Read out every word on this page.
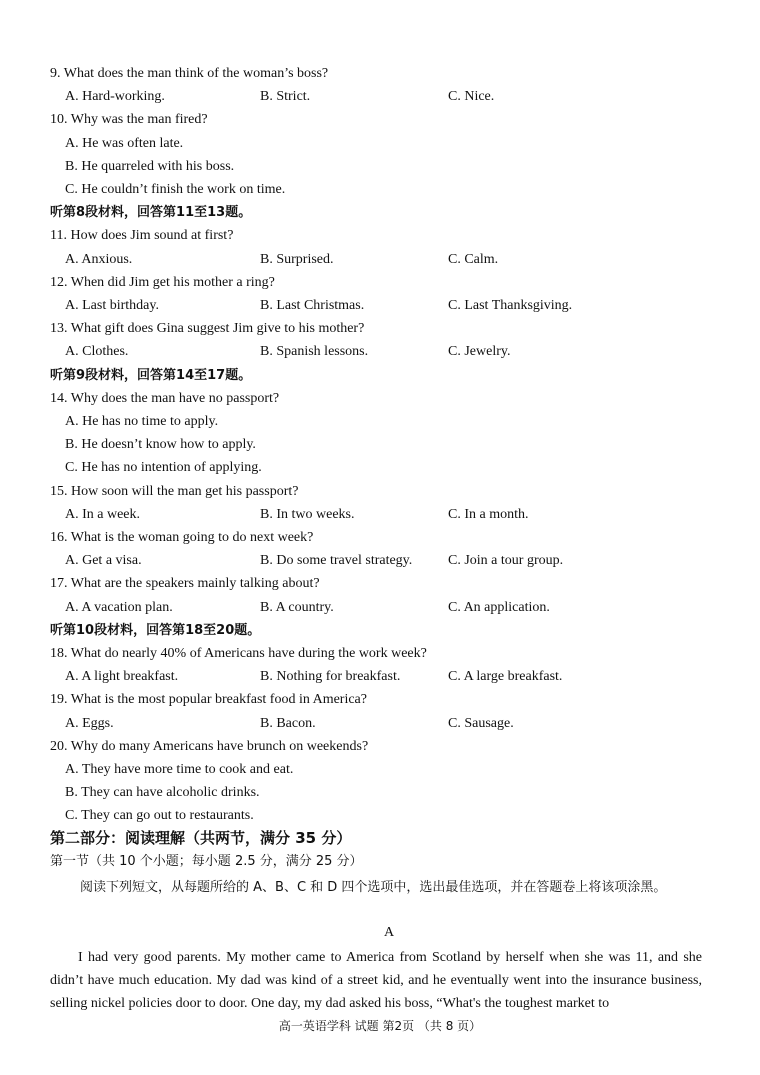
9. What does the man think of the woman’s boss?
A. Hard-working.	B. Strict.	C. Nice.
10. Why was the man fired?
A. He was often late.
B. He quarreled with his boss.
C. He couldn’t finish the work on time.
听第8段材料，回答第11至13题。
11. How does Jim sound at first?
A. Anxious.	B. Surprised.	C. Calm.
12. When did Jim get his mother a ring?
A. Last birthday.	B. Last Christmas.	C. Last Thanksgiving.
13. What gift does Gina suggest Jim give to his mother?
A. Clothes.	B. Spanish lessons.	C. Jewelry.
听第9段材料，回答第14至17题。
14. Why does the man have no passport?
A. He has no time to apply.
B. He doesn’t know how to apply.
C. He has no intention of applying.
15. How soon will the man get his passport?
A. In a week.	B. In two weeks.	C. In a month.
16. What is the woman going to do next week?
A. Get a visa.	B. Do some travel strategy.	C. Join a tour group.
17. What are the speakers mainly talking about?
A. A vacation plan.	B. A country.	C. An application.
听第10段材料，回答第18至20题。
18. What do nearly 40% of Americans have during the work week?
A. A light breakfast.	B. Nothing for breakfast.	C. A large breakfast.
19. What is the most popular breakfast food in America?
A. Eggs.	B. Bacon.	C. Sausage.
20. Why do many Americans have brunch on weekends?
A. They have more time to cook and eat.
B. They can have alcoholic drinks.
C. They can go out to restaurants.
第二部分：阅读理解（共两节，满分 35 分）
第一节（共 10 个小题；每小题 2.5 分，满分 25 分）
阅读下列短文，从每题所给的 A、B、C 和 D 四个选项中，选出最佳选项，并在答题卷上将该项涂黑。
A
I had very good parents. My mother came to America from Scotland by herself when she was 11, and she didn’t have much education. My dad was kind of a street kid, and he eventually went into the insurance business, selling nickel policies door to door. One day, my dad asked his boss, “What's the toughest market to
高一英语学科 试题 第2页 （共 8 页）
